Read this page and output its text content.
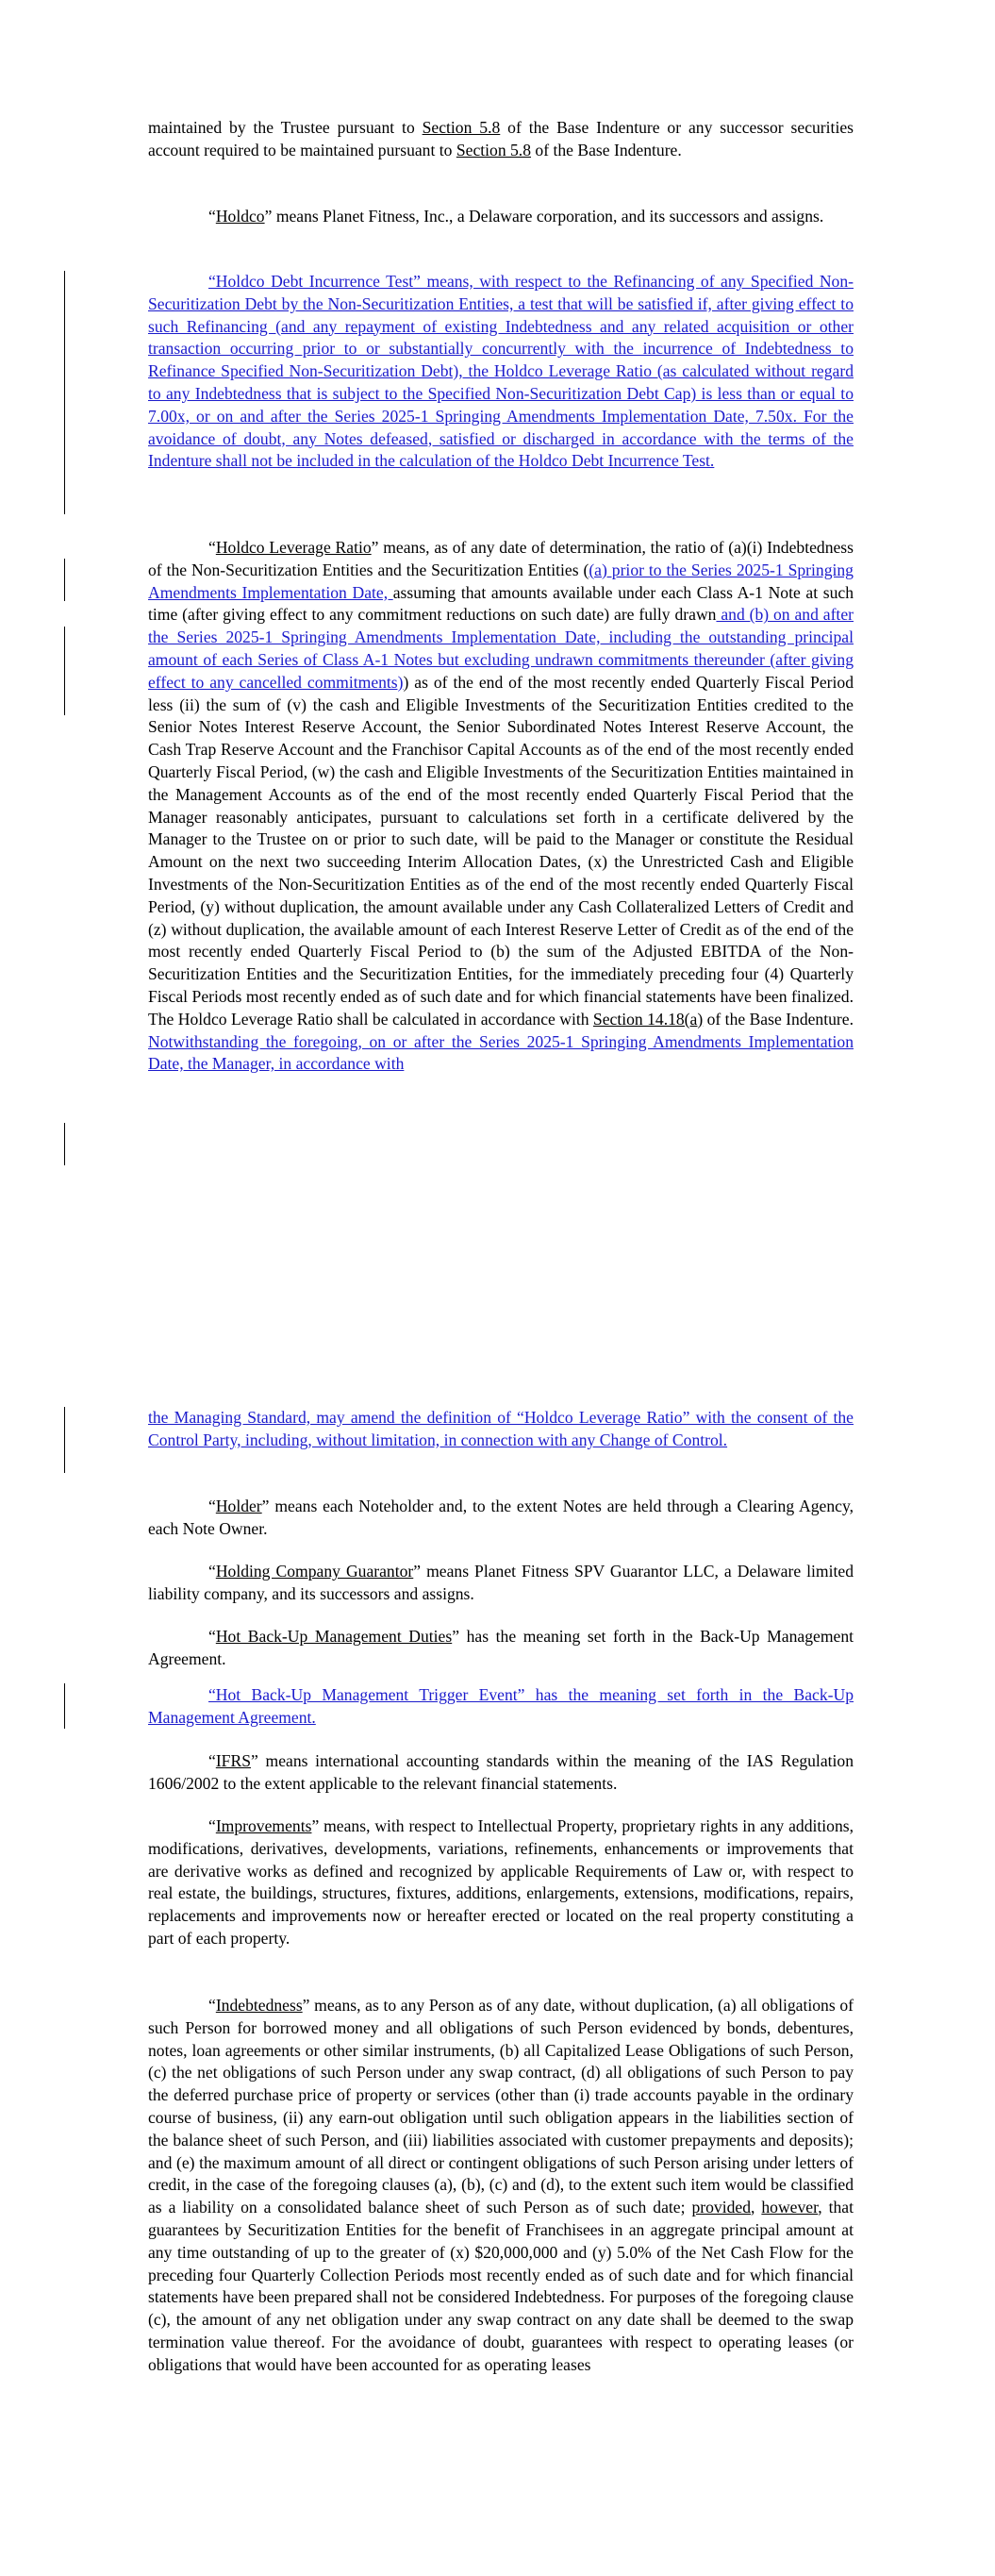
maintained by the Trustee pursuant to Section 5.8 of the Base Indenture or any successor securities account required to be maintained pursuant to Section 5.8 of the Base Indenture.

“Holdco” means Planet Fitness, Inc., a Delaware corporation, and its successors and assigns.

“Holdco Debt Incurrence Test” means, with respect to the Refinancing of any Specified Non-Securitization Debt by the Non-Securitization Entities, a test that will be satisfied if, after giving effect to such Refinancing (and any repayment of existing Indebtedness and any related acquisition or other transaction occurring prior to or substantially concurrently with the incurrence of Indebtedness to Refinance Specified Non-Securitization Debt), the Holdco Leverage Ratio (as calculated without regard to any Indebtedness that is subject to the Specified Non-Securitization Debt Cap) is less than or equal to 7.00x, or on and after the Series 2025-1 Springing Amendments Implementation Date, 7.50x. For the avoidance of doubt, any Notes defeased, satisfied or discharged in accordance with the terms of the Indenture shall not be included in the calculation of the Holdco Debt Incurrence Test.

“Holdco Leverage Ratio” means, as of any date of determination, the ratio of (a)(i) Indebtedness of the Non-Securitization Entities and the Securitization Entities ((a) prior to the Series 2025-1 Springing Amendments Implementation Date, assuming that amounts available under each Class A-1 Note at such time (after giving effect to any commitment reductions on such date) are fully drawn and (b) on and after the Series 2025-1 Springing Amendments Implementation Date, including the outstanding principal amount of each Series of Class A-1 Notes but excluding undrawn commitments thereunder (after giving effect to any cancelled commitments)) as of the end of the most recently ended Quarterly Fiscal Period less (ii) the sum of (v) the cash and Eligible Investments of the Securitization Entities credited to the Senior Notes Interest Reserve Account, the Senior Subordinated Notes Interest Reserve Account, the Cash Trap Reserve Account and the Franchisor Capital Accounts as of the end of the most recently ended Quarterly Fiscal Period, (w) the cash and Eligible Investments of the Securitization Entities maintained in the Management Accounts as of the end of the most recently ended Quarterly Fiscal Period that the Manager reasonably anticipates, pursuant to calculations set forth in a certificate delivered by the Manager to the Trustee on or prior to such date, will be paid to the Manager or constitute the Residual Amount on the next two succeeding Interim Allocation Dates, (x) the Unrestricted Cash and Eligible Investments of the Non-Securitization Entities as of the end of the most recently ended Quarterly Fiscal Period, (y) without duplication, the amount available under any Cash Collateralized Letters of Credit and (z) without duplication, the available amount of each Interest Reserve Letter of Credit as of the end of the most recently ended Quarterly Fiscal Period to (b) the sum of the Adjusted EBITDA of the Non-Securitization Entities and the Securitization Entities, for the immediately preceding four (4) Quarterly Fiscal Periods most recently ended as of such date and for which financial statements have been finalized. The Holdco Leverage Ratio shall be calculated in accordance with Section 14.18(a) of the Base Indenture. Notwithstanding the foregoing, on or after the Series 2025-1 Springing Amendments Implementation Date, the Manager, in accordance with

the Managing Standard, may amend the definition of “Holdco Leverage Ratio” with the consent of the Control Party, including, without limitation, in connection with any Change of Control.

“Holder” means each Noteholder and, to the extent Notes are held through a Clearing Agency, each Note Owner.

“Holding Company Guarantor” means Planet Fitness SPV Guarantor LLC, a Delaware limited liability company, and its successors and assigns.

“Hot Back-Up Management Duties” has the meaning set forth in the Back-Up Management Agreement.

“Hot Back-Up Management Trigger Event” has the meaning set forth in the Back-Up Management Agreement.

“IFRS” means international accounting standards within the meaning of the IAS Regulation 1606/2002 to the extent applicable to the relevant financial statements.

“Improvements” means, with respect to Intellectual Property, proprietary rights in any additions, modifications, derivatives, developments, variations, refinements, enhancements or improvements that are derivative works as defined and recognized by applicable Requirements of Law or, with respect to real estate, the buildings, structures, fixtures, additions, enlargements, extensions, modifications, repairs, replacements and improvements now or hereafter erected or located on the real property constituting a part of each property.

“Indebtedness” means, as to any Person as of any date, without duplication, (a) all obligations of such Person for borrowed money and all obligations of such Person evidenced by bonds, debentures, notes, loan agreements or other similar instruments, (b) all Capitalized Lease Obligations of such Person, (c) the net obligations of such Person under any swap contract, (d) all obligations of such Person to pay the deferred purchase price of property or services (other than (i) trade accounts payable in the ordinary course of business, (ii) any earn-out obligation until such obligation appears in the liabilities section of the balance sheet of such Person, and (iii) liabilities associated with customer prepayments and deposits); and (e) the maximum amount of all direct or contingent obligations of such Person arising under letters of credit, in the case of the foregoing clauses (a), (b), (c) and (d), to the extent such item would be classified as a liability on a consolidated balance sheet of such Person as of such date; provided, however, that guarantees by Securitization Entities for the benefit of Franchisees in an aggregate principal amount at any time outstanding of up to the greater of (x) $20,000,000 and (y) 5.0% of the Net Cash Flow for the preceding four Quarterly Collection Periods most recently ended as of such date and for which financial statements have been prepared shall not be considered Indebtedness. For purposes of the foregoing clause (c), the amount of any net obligation under any swap contract on any date shall be deemed to the swap termination value thereof. For the avoidance of doubt, guarantees with respect to operating leases (or obligations that would have been accounted for as operating leases
